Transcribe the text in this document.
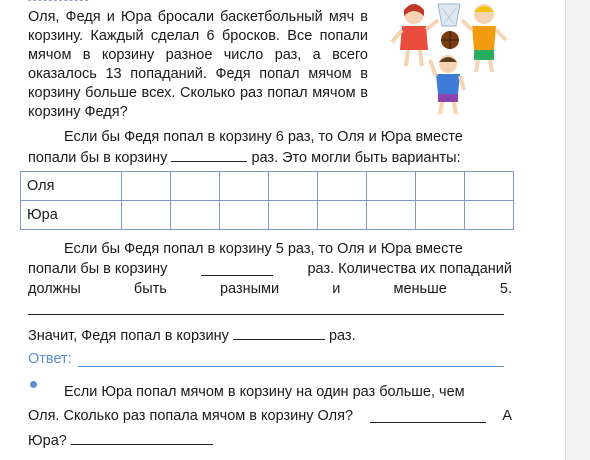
Оля, Федя и Юра бросали баскетбольный мяч в корзину. Каждый сделал 6 бросков. Все попали мячом в корзину разное число раз, а всего оказалось 13 попаданий. Федя попал мячом в корзину больше всех. Сколько раз попал мячом в корзину Федя?

Если бы Федя попал в корзину 6 раз, то Оля и Юра вместе
попали бы в корзину	раз. Это могли быть варианты:
Оля								
Юра								
Если бы Федя попал в корзину 5 раз, то Оля и Юра вместе
попали бы в корзину	раз. Количества их попаданий
должны	быть	разными	и	меньше	5.
Значит, Федя попал в корзину	раз.
Ответ:
Если Юра попал мячом в корзину на один раз больше, чем
Оля. Сколько раз попала мячом в корзину Оля?	А
Юра?
